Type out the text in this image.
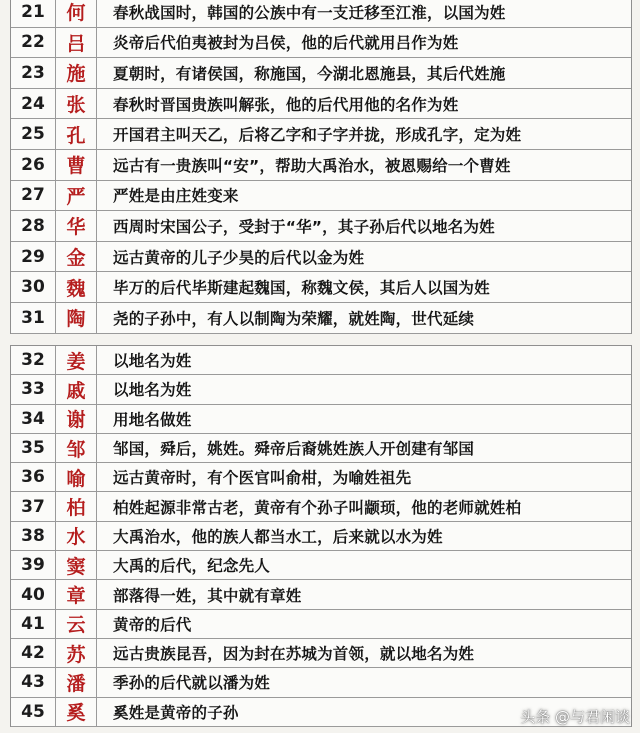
21	何	春秋战国时，韩国的公族中有一支迁移至江淮，以国为姓
22	吕	炎帝后代伯夷被封为吕侯，他的后代就用吕作为姓
23	施	夏朝时，有诸侯国，称施国，今湖北恩施县，其后代姓施
24	张	春秋时晋国贵族叫解张，他的后代用他的名作为姓
25	孔	开国君主叫天乙，后将乙字和子字并拢，形成孔字，定为姓
26	曹	远古有一贵族叫“安”，帮助大禹治水，被恩赐给一个曹姓
27	严	严姓是由庄姓变来
28	华	西周时宋国公子，受封于“华”，其子孙后代以地名为姓
29	金	远古黄帝的儿子少昊的后代以金为姓
30	魏	毕万的后代毕斯建起魏国，称魏文侯，其后人以国为姓
31	陶	尧的子孙中，有人以制陶为荣耀，就姓陶，世代延续
32	姜	以地名为姓
33	戚	以地名为姓
34	谢	用地名做姓
35	邹	邹国，舜后，姚姓。舜帝后裔姚姓族人开创建有邹国
36	喻	远古黄帝时，有个医官叫俞柑，为喻姓祖先
37	柏	柏姓起源非常古老，黄帝有个孙子叫颛顼，他的老师就姓柏
38	水	大禹治水，他的族人都当水工，后来就以水为姓
39	窦	大禹的后代，纪念先人
40	章	部落得一姓，其中就有章姓
41	云	黄帝的后代
42	苏	远古贵族昆吾，因为封在苏城为首领，就以地名为姓
43	潘	季孙的后代就以潘为姓
45	奚	奚姓是黄帝的子孙	头条 @与君闲谈
